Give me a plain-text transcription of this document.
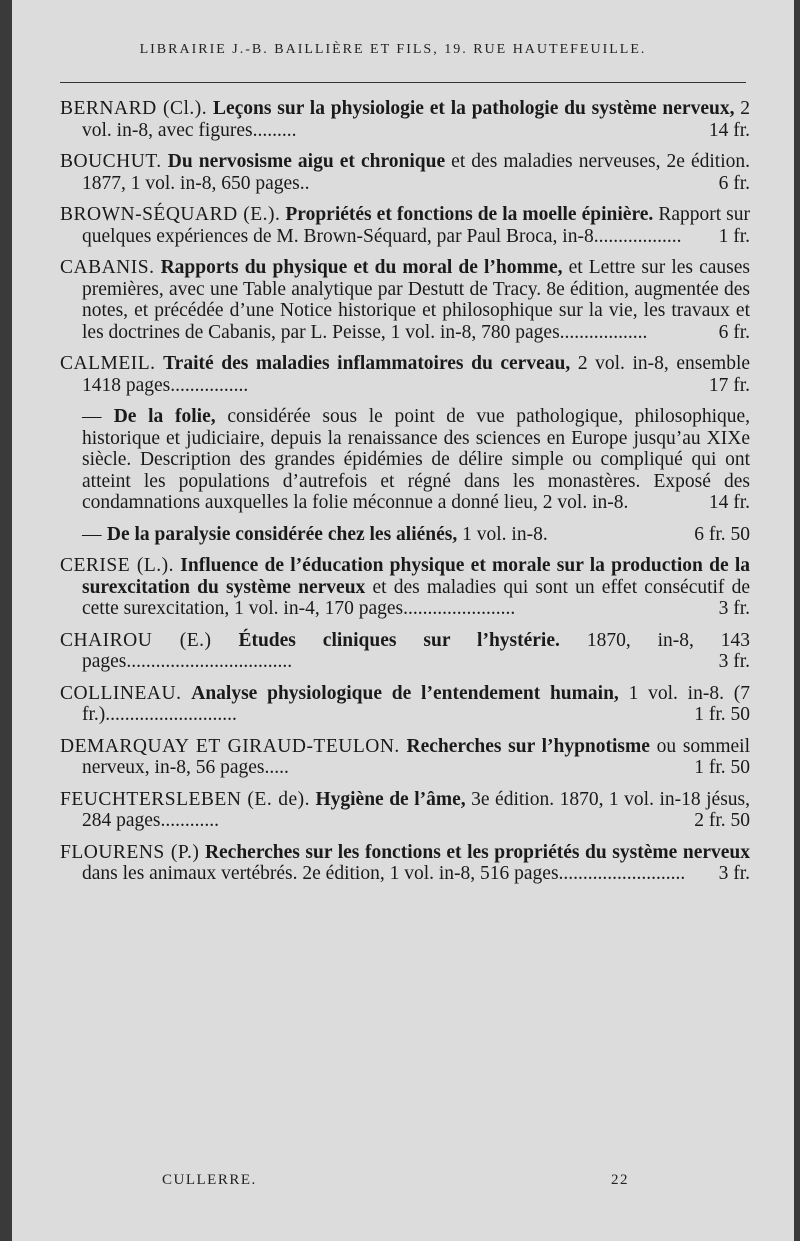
LIBRAIRIE J.-B. BAILLIÈRE ET FILS, 19. RUE HAUTEFEUILLE.
BERNARD (Cl.). Leçons sur la physiologie et la pathologie du système nerveux, 2 vol. in-8, avec figures.........	14 fr.
BOUCHUT. Du nervosisme aigu et chronique et des maladies nerveuses, 2e édition. 1877, 1 vol. in-8, 650 pages..	6 fr.
BROWN-SÉQUARD (E.). Propriétés et fonctions de la moelle épinière. Rapport sur quelques expériences de M. Brown-Séquard, par Paul Broca, in-8.................. 1 fr.
CABANIS. Rapports du physique et du moral de l’homme, et Lettre sur les causes premières, avec une Table analytique par Destutt de Tracy. 8e édition, augmentée des notes, et précédée d’une Notice historique et philosophique sur la vie, les travaux et les doctrines de Cabanis, par L. Peisse, 1 vol. in-8, 780 pages..................	6 fr.
CALMEIL. Traité des maladies inflammatoires du cerveau, 2 vol. in-8, ensemble 1418 pages................	17 fr.
— De la folie, considérée sous le point de vue pathologique, philosophique, historique et judiciaire, depuis la renaissance des sciences en Europe jusqu’au XIXe siècle. Description des grandes épidémies de délire simple ou compliqué qui ont atteint les populations d’autrefois et régné dans les monastères. Exposé des condamnations auxquelles la folie méconnue a donné lieu, 2 vol. in-8.	14 fr.
— De la paralysie considérée chez les aliénés, 1 vol. in-8.	6 fr. 50
CERISE (L.). Influence de l’éducation physique et morale sur la production de la surexcitation du système nerveux et des maladies qui sont un effet consécutif de cette surexcitation, 1 vol. in-4, 170 pages.......................	3 fr.
CHAIROU (E.) Études cliniques sur l’hystérie. 1870, in-8, 143 pages..................................	3 fr.
COLLINEAU. Analyse physiologique de l’entendement humain, 1 vol. in-8. (7 fr.)...........................	1 fr. 50
DEMARQUAY ET GIRAUD-TEULON. Recherches sur l’hypnotisme ou sommeil nerveux, in-8, 56 pages.....	1 fr. 50
FEUCHTERSLEBEN (E. de). Hygiène de l’âme, 3e édition. 1870, 1 vol. in-18 jésus, 284 pages............	2 fr. 50
FLOURENS (P.) Recherches sur les fonctions et les propriétés du système nerveux dans les animaux vertébrés. 2e édition, 1 vol. in-8, 516 pages.......................... 3 fr.
CULLERRE.	22
